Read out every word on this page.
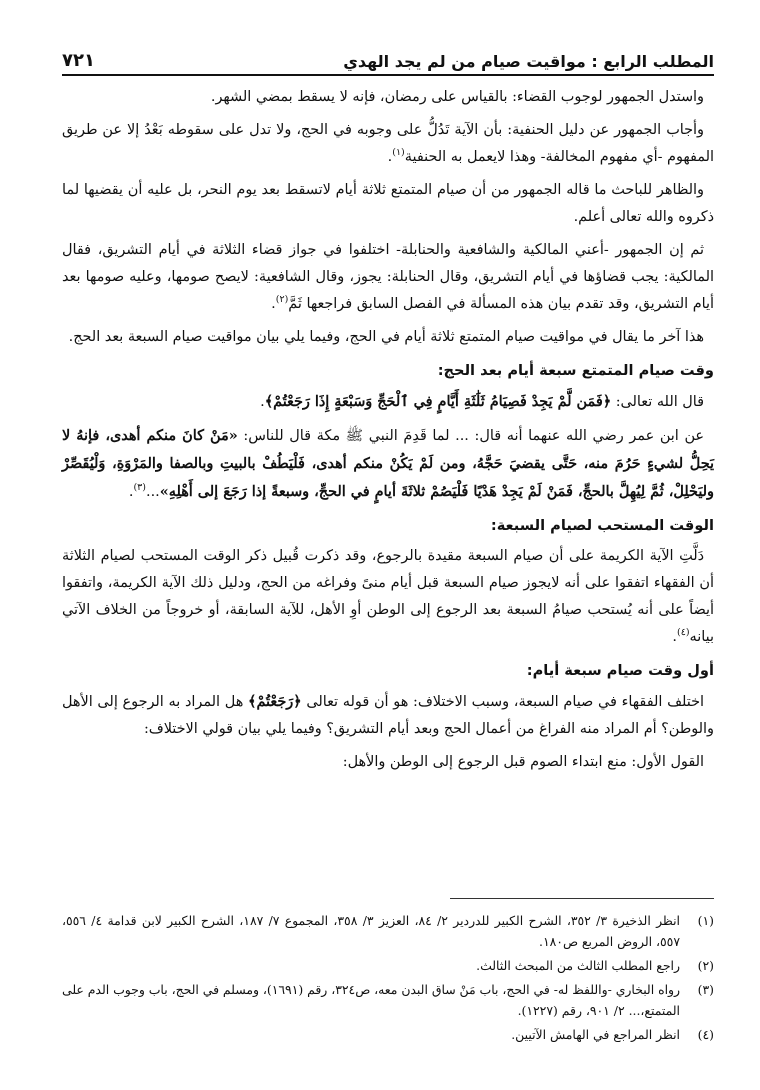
المطلب الرابع : مواقيت صيام من لم يجد الهدي
٧٢١

واستدل الجمهور لوجوب القضاء: بالقياس على رمضان، فإنه لا يسقط بمضي الشهر.

وأجاب الجمهور عن دليل الحنفية: بأن الآية تَدُلُّ على وجوبه في الحج، ولا تدل على سقوطه بَعْدُ إلا عن طريق المفهوم -أي مفهوم المخالفة- وهذا لايعمل به الحنفية$^{(١)}$.

والظاهر للباحث ما قاله الجمهور من أن صيام المتمتع ثلاثة أيام لاتسقط بعد يوم النحر، بل عليه أن يقضيها لما ذكروه والله تعالى أعلم.

ثم إن الجمهور -أعني المالكية والشافعية والحنابلة- اختلفوا في جواز قضاء الثلاثة في أيام التشريق، فقال المالكية: يجب قضاؤها في أيام التشريق، وقال الحنابلة: يجوز، وقال الشافعية: لايصح صومها، وعليه صومها بعد أيام التشريق، وقد تقدم بيان هذه المسألة في الفصل السابق فراجعها ثَمَّ$^{(٢)}$.

هذا آخر ما يقال في مواقيت صيام المتمتع ثلاثة أيام في الحج، وفيما يلي بيان مواقيت صيام السبعة بعد الحج.

وقت صيام المتمتع سبعة أيام بعد الحج:

قال الله تعالى: ﴿فَمَن لَّمْ يَجِدْ فَصِيَامُ ثَلَٰثَةِ أَيَّامٍ فِي ٱلْحَجِّ وَسَبْعَةٍ إِذَا رَجَعْتُمْ﴾.

عن ابن عمر رضي الله عنهما أنه قال: ... لما قَدِمَ النبي ﷺ مكة قال للناس: «مَنْ كانَ منكم أهدى، فإنهُ لا يَحِلُّ لشيءٍ حَرُمَ منه، حَتَّى يقضيَ حَجَّهُ، ومن لَمْ يَكُنْ منكم أهدى، فَلْيَطُفْ بالبيتِ وبالصفا والمَرْوَةِ، وَلْيُقَصِّرْ وليَحْلِلْ، ثُمَّ لِيُهِلَّ بالحجِّ، فَمَنْ لَمْ يَجِدْ هَدْيًا فَلْيَصُمْ ثلاثَةَ أيامٍ في الحجِّ، وسبعةً إذا رَجَعَ إلى أَهْلِهِ»...$^{(٣)}$.

الوقت المستحب لصيام السبعة:

دَلَّتِ الآية الكريمة على أن صيام السبعة مقيدة بالرجوع، وقد ذكرت قُبيل ذكر الوقت المستحب لصيام الثلاثة أن الفقهاء اتفقوا على أنه لايجوز صيام السبعة قبل أيام منىً وفراغه من الحج، ودليل ذلك الآية الكريمة، واتفقوا أيضاً على أنه يُستحب صيامُ السبعة بعد الرجوع إلى الوطن أوِ الأهل، للآية السابقة، أو خروجاً من الخلاف الآتي بيانه$^{(٤)}$.

أول وقت صيام سبعة أيام:

اختلف الفقهاء في صيام السبعة، وسبب الاختلاف: هو أن قوله تعالى ﴿رَجَعْتُمْ﴾ هل المراد به الرجوع إلى الأهل والوطن؟ أم المراد منه الفراغ من أعمال الحج وبعد أيام التشريق؟ وفيما يلي بيان قولي الاختلاف:

القول الأول: منع ابتداء الصوم قبل الرجوع إلى الوطن والأهل:

(١)
انظر الذخيرة ٣/ ٣٥٢، الشرح الكبير للدردير ٢/ ٨٤، العزيز ٣/ ٣٥٨، المجموع ٧/ ١٨٧، الشرح الكبير لابن قدامة ٤/ ٥٥٦، ٥٥٧، الروض المربع ص١٨٠.
(٢)
راجع المطلب الثالث من المبحث الثالث.
(٣)
رواه البخاري -واللفظ له- في الحج، باب مَنْ ساق البدن معه، ص٣٢٤، رقم (١٦٩١)، ومسلم في الحج، باب وجوب الدم على المتمتع،... ٢/ ٩٠١، رقم (١٢٢٧).
(٤)
انظر المراجع في الهامش الآتيين.
